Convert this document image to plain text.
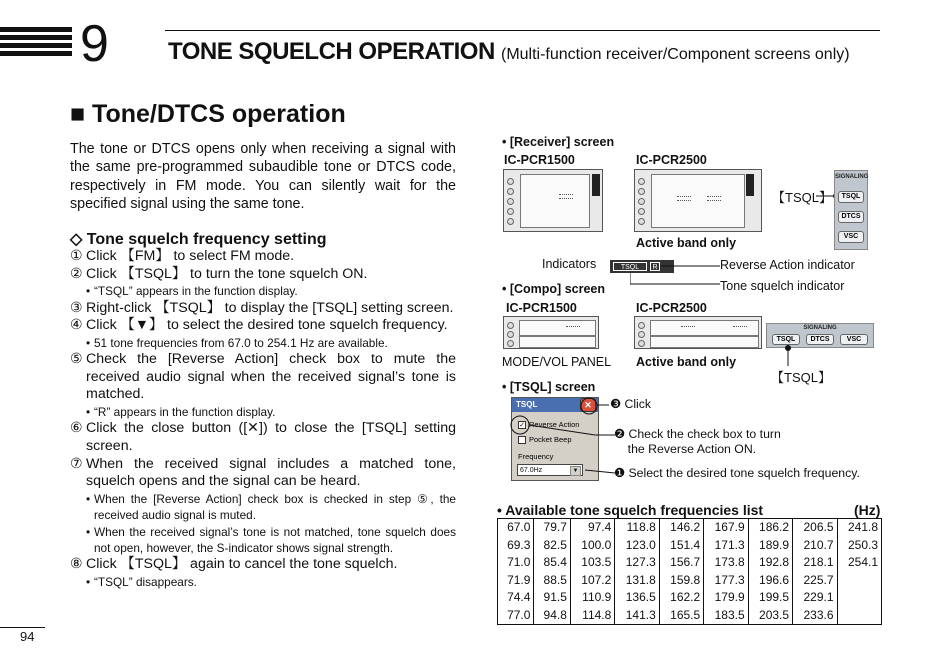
9 TONE SQUELCH OPERATION (Multi-function receiver/Component screens only)
■ Tone/DTCS operation
The tone or DTCS opens only when receiving a signal with the same pre-programmed subaudible tone or DTCS code, respectively in FM mode. You can silently wait for the specified signal using the same tone.
◇ Tone squelch frequency setting
① Click 【FM】 to select FM mode.
② Click 【TSQL】 to turn the tone squelch ON.
• “TSQL” appears in the function display.
③ Right-click 【TSQL】 to display the [TSQL] setting screen.
④ Click 【▼】 to select the desired tone squelch frequency.
• 51 tone frequencies from 67.0 to 254.1 Hz are available.
⑤ Check the [Reverse Action] check box to mute the received audio signal when the received signal’s tone is matched.
• “R” appears in the function display.
⑥ Click the close button ([✕]) to close the [TSQL] setting screen.
⑦ When the received signal includes a matched tone, squelch opens and the signal can be heard.
• When the [Reverse Action] check box is checked in step ⑤, the received audio signal is muted.
• When the received signal’s tone is not matched, tone squelch does not open, however, the S-indicator shows signal strength.
⑧ Click 【TSQL】 again to cancel the tone squelch.
• “TSQL” disappears.
94
• [Receiver] screen
IC-PCR1500	IC-PCR2500
【TSQL】
SIGNALING
TSQL
DTCS
VSC
Active band only
Indicators	TSQL	R	Reverse Action indicator
Tone squelch indicator
• [Compo] screen
IC-PCR1500	IC-PCR2500
SIGNALING
TSQL	DTCS	VSC
【TSQL】
MODE/VOL PANEL Active band only
• [TSQL] screen
TSQL	✕
✓ Reverse Action
Pocket Beep
Frequency
67.0Hz	▼
❸ Click
❷ Check the check box to turn
the Reverse Action ON.
❶ Select the desired tone squelch frequency.
• Available tone squelch frequencies list	(Hz)
67.0	79.7	97.4	118.8	146.2	167.9	186.2	206.5	241.8
69.3	82.5	100.0	123.0	151.4	171.3	189.9	210.7	250.3
71.0	85.4	103.5	127.3	156.7	173.8	192.8	218.1	254.1
71.9	88.5	107.2	131.8	159.8	177.3	196.6	225.7	
74.4	91.5	110.9	136.5	162.2	179.9	199.5	229.1	
77.0	94.8	114.8	141.3	165.5	183.5	203.5	233.6	
